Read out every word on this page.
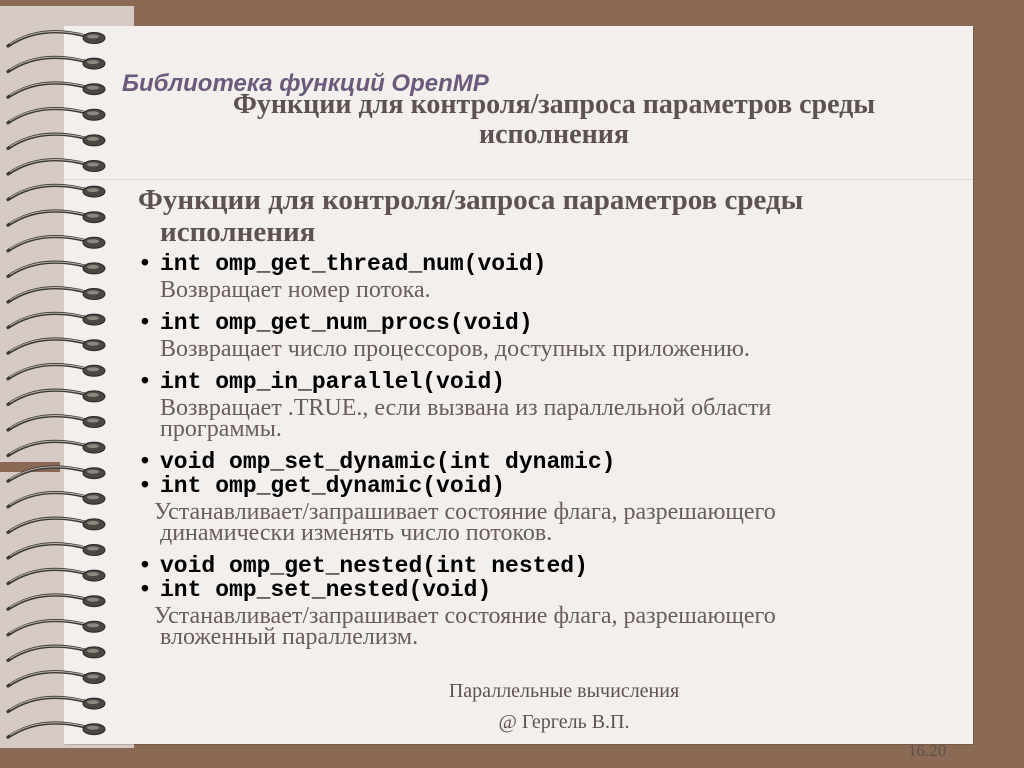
Библиотека функций OpenMP
Функции для контроля/запроса параметров среды исполнения
Функции для контроля/запроса параметров среды исполнения
• int omp_get_thread_num(void)
Возвращает номер потока.
• int omp_get_num_procs(void)
Возвращает число процессоров, доступных приложению.
• int omp_in_parallel(void)
Возвращает .TRUE., если вызвана из параллельной области
программы.
• void omp_set_dynamic(int dynamic)
• int omp_get_dynamic(void)
Устанавливает/запрашивает состояние флага, разрешающего
динамически изменять число потоков.
• void omp_get_nested(int nested)
• int omp_set_nested(void)
Устанавливает/запрашивает состояние флага, разрешающего
вложенный параллелизм.
Параллельные вычисления
@ Гергель В.П.
16.20
